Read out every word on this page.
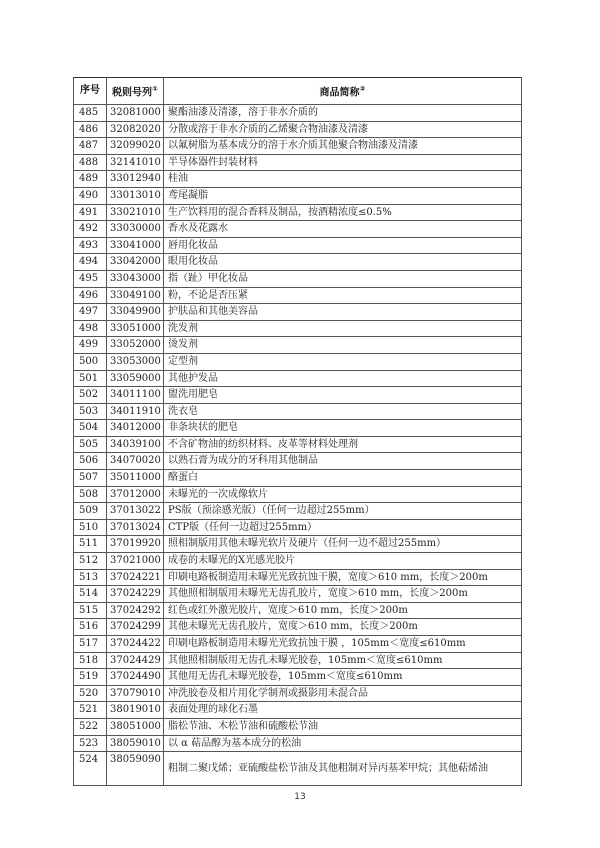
序号	税则号列①	商品简称②
485	32081000	聚酯油漆及清漆，溶于非水介质的
486	32082020	分散或溶于非水介质的乙烯聚合物油漆及清漆
487	32099020	以氟树脂为基本成分的溶于水介质其他聚合物油漆及清漆
488	32141010	半导体器件封装材料
489	33012940	桂油
490	33013010	鸢尾凝脂
491	33021010	生产饮料用的混合香料及制品，按酒精浓度≤0.5%
492	33030000	香水及花露水
493	33041000	唇用化妆品
494	33042000	眼用化妆品
495	33043000	指（趾）甲化妆品
496	33049100	粉，不论是否压紧
497	33049900	护肤品和其他美容品
498	33051000	洗发剂
499	33052000	烫发剂
500	33053000	定型剂
501	33059000	其他护发品
502	34011100	盥洗用肥皂
503	34011910	洗衣皂
504	34012000	非条块状的肥皂
505	34039100	不含矿物油的纺织材料、皮革等材料处理剂
506	34070020	以熟石膏为成分的牙科用其他制品
507	35011000	酪蛋白
508	37012000	未曝光的一次成像软片
509	37013022	PS版（预涂感光版）（任何一边超过255mm）
510	37013024	CTP版（任何一边超过255mm）
511	37019920	照相制版用其他未曝光软片及硬片（任何一边不超过255mm）
512	37021000	成卷的未曝光的X光感光胶片
513	37024221	印刷电路板制造用未曝光光致抗蚀干膜，宽度＞610 mm，长度＞200m
514	37024229	其他照相制版用未曝光无齿孔胶片，宽度＞610 mm，长度＞200m
515	37024292	红色或红外激光胶片，宽度＞610 mm，长度＞200m
516	37024299	其他未曝光无齿孔胶片，宽度＞610 mm，长度＞200m
517	37024422	印刷电路板制造用未曝光光致抗蚀干膜 ，105mm＜宽度≤610mm
518	37024429	其他照相制版用无齿孔未曝光胶卷，105mm＜宽度≤610mm
519	37024490	其他用无齿孔未曝光胶卷，105mm＜宽度≤610mm
520	37079010	冲洗胶卷及相片用化学制剂或摄影用未混合品
521	38019010	表面处理的球化石墨
522	38051000	脂松节油、木松节油和硫酸松节油
523	38059010	以 α 萜品醇为基本成分的松油
524	38059090	粗制二聚戊烯；亚硫酸盐松节油及其他粗制对异丙基苯甲烷；其他萜烯油
13
